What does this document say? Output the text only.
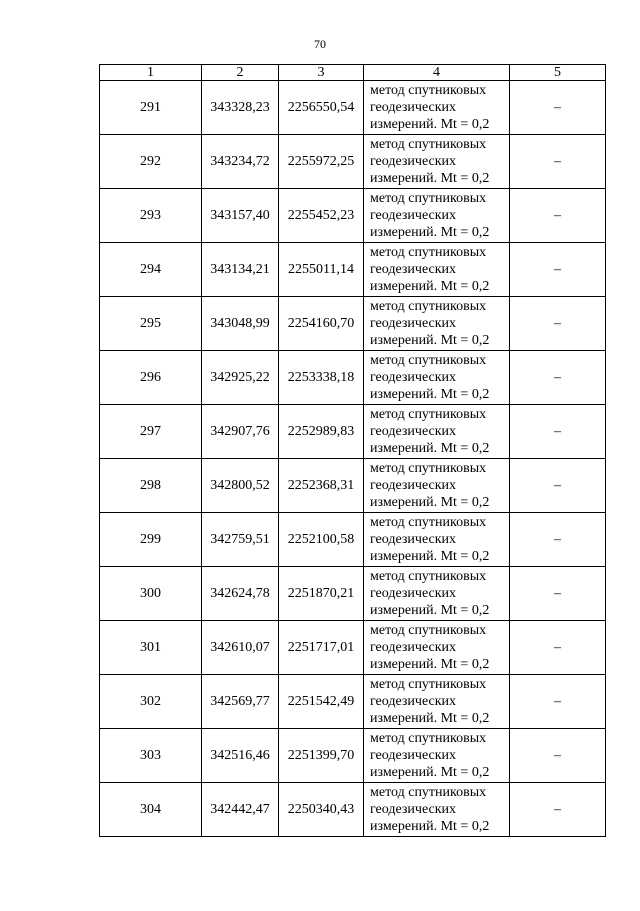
70
1	2	3	4	5
291	343328,23	2256550,54	метод спутниковых
геодезических
измерений. Mt = 0,2	–
292	343234,72	2255972,25	метод спутниковых
геодезических
измерений. Mt = 0,2	–
293	343157,40	2255452,23	метод спутниковых
геодезических
измерений. Mt = 0,2	–
294	343134,21	2255011,14	метод спутниковых
геодезических
измерений. Mt = 0,2	–
295	343048,99	2254160,70	метод спутниковых
геодезических
измерений. Mt = 0,2	–
296	342925,22	2253338,18	метод спутниковых
геодезических
измерений. Mt = 0,2	–
297	342907,76	2252989,83	метод спутниковых
геодезических
измерений. Mt = 0,2	–
298	342800,52	2252368,31	метод спутниковых
геодезических
измерений. Mt = 0,2	–
299	342759,51	2252100,58	метод спутниковых
геодезических
измерений. Mt = 0,2	–
300	342624,78	2251870,21	метод спутниковых
геодезических
измерений. Mt = 0,2	–
301	342610,07	2251717,01	метод спутниковых
геодезических
измерений. Mt = 0,2	–
302	342569,77	2251542,49	метод спутниковых
геодезических
измерений. Mt = 0,2	–
303	342516,46	2251399,70	метод спутниковых
геодезических
измерений. Mt = 0,2	–
304	342442,47	2250340,43	метод спутниковых
геодезических
измерений. Mt = 0,2	–
